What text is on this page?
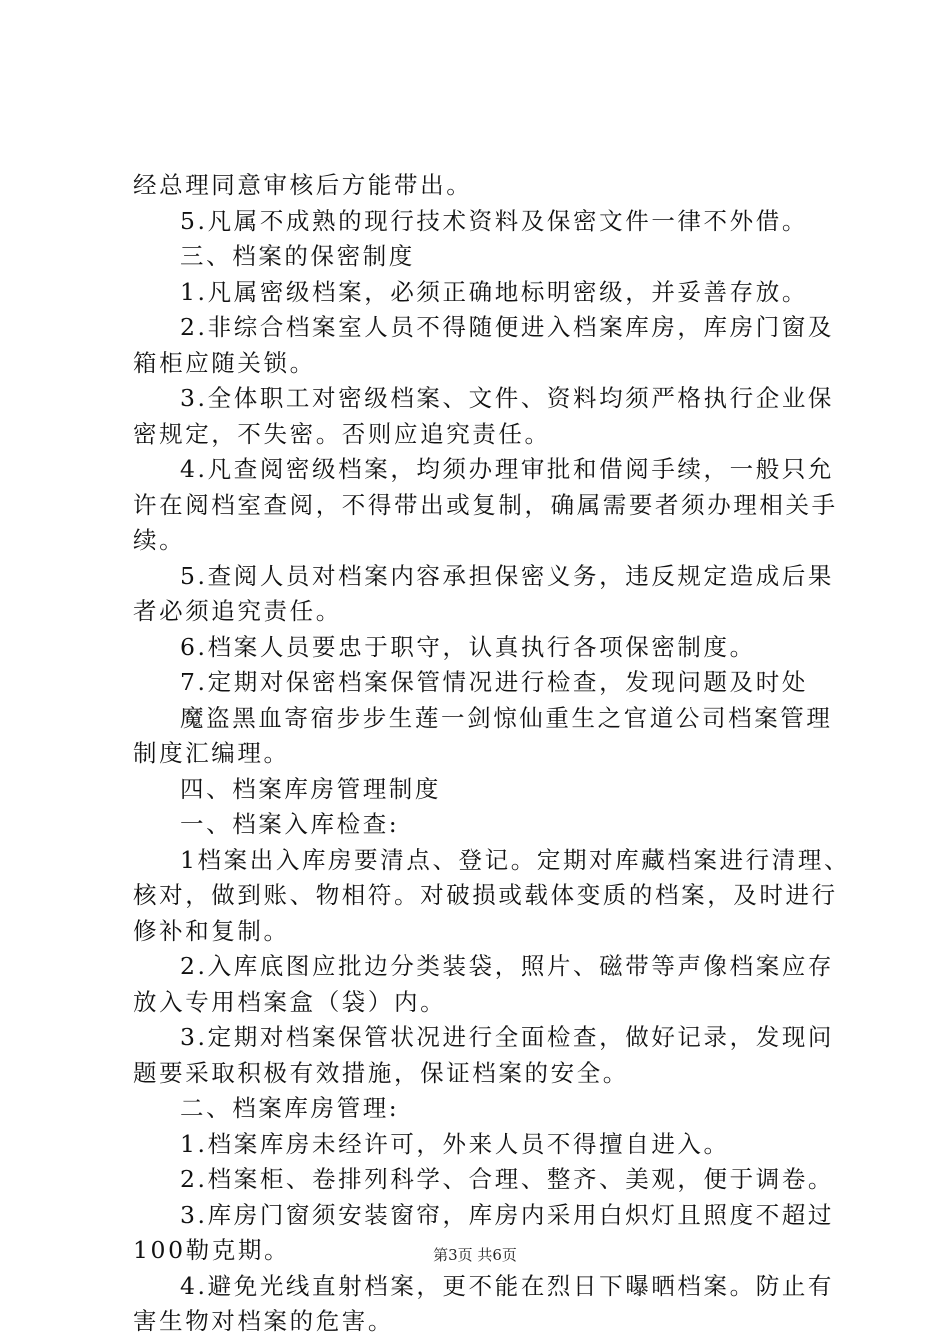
经总理同意审核后方能带出。
5.凡属不成熟的现行技术资料及保密文件一律不外借。
三、档案的保密制度
1.凡属密级档案，必须正确地标明密级，并妥善存放。
2.非综合档案室人员不得随便进入档案库房，库房门窗及
箱柜应随关锁。
3.全体职工对密级档案、文件、资料均须严格执行企业保
密规定，不失密。否则应追究责任。
4.凡查阅密级档案，均须办理审批和借阅手续，一般只允
许在阅档室查阅，不得带出或复制，确属需要者须办理相关手
续。
5.查阅人员对档案内容承担保密义务，违反规定造成后果
者必须追究责任。
6.档案人员要忠于职守，认真执行各项保密制度。
7.定期对保密档案保管情况进行检查，发现问题及时处
魔盗黑血寄宿步步生莲一剑惊仙重生之官道公司档案管理
制度汇编理。
四、档案库房管理制度
一、档案入库检查:
1档案出入库房要清点、登记。定期对库藏档案进行清理、
核对，做到账、物相符。对破损或载体变质的档案，及时进行
修补和复制。
2.入库底图应批边分类装袋，照片、磁带等声像档案应存
放入专用档案盒（袋）内。
3.定期对档案保管状况进行全面检查，做好记录，发现问
题要采取积极有效措施，保证档案的安全。
二、档案库房管理:
1.档案库房未经许可，外来人员不得擅自进入。
2.档案柜、卷排列科学、合理、整齐、美观，便于调卷。
3.库房门窗须安装窗帘，库房内采用白炽灯且照度不超过
100勒克期。
4.避免光线直射档案，更不能在烈日下曝晒档案。防止有
害生物对档案的危害。
第3页 共6页
